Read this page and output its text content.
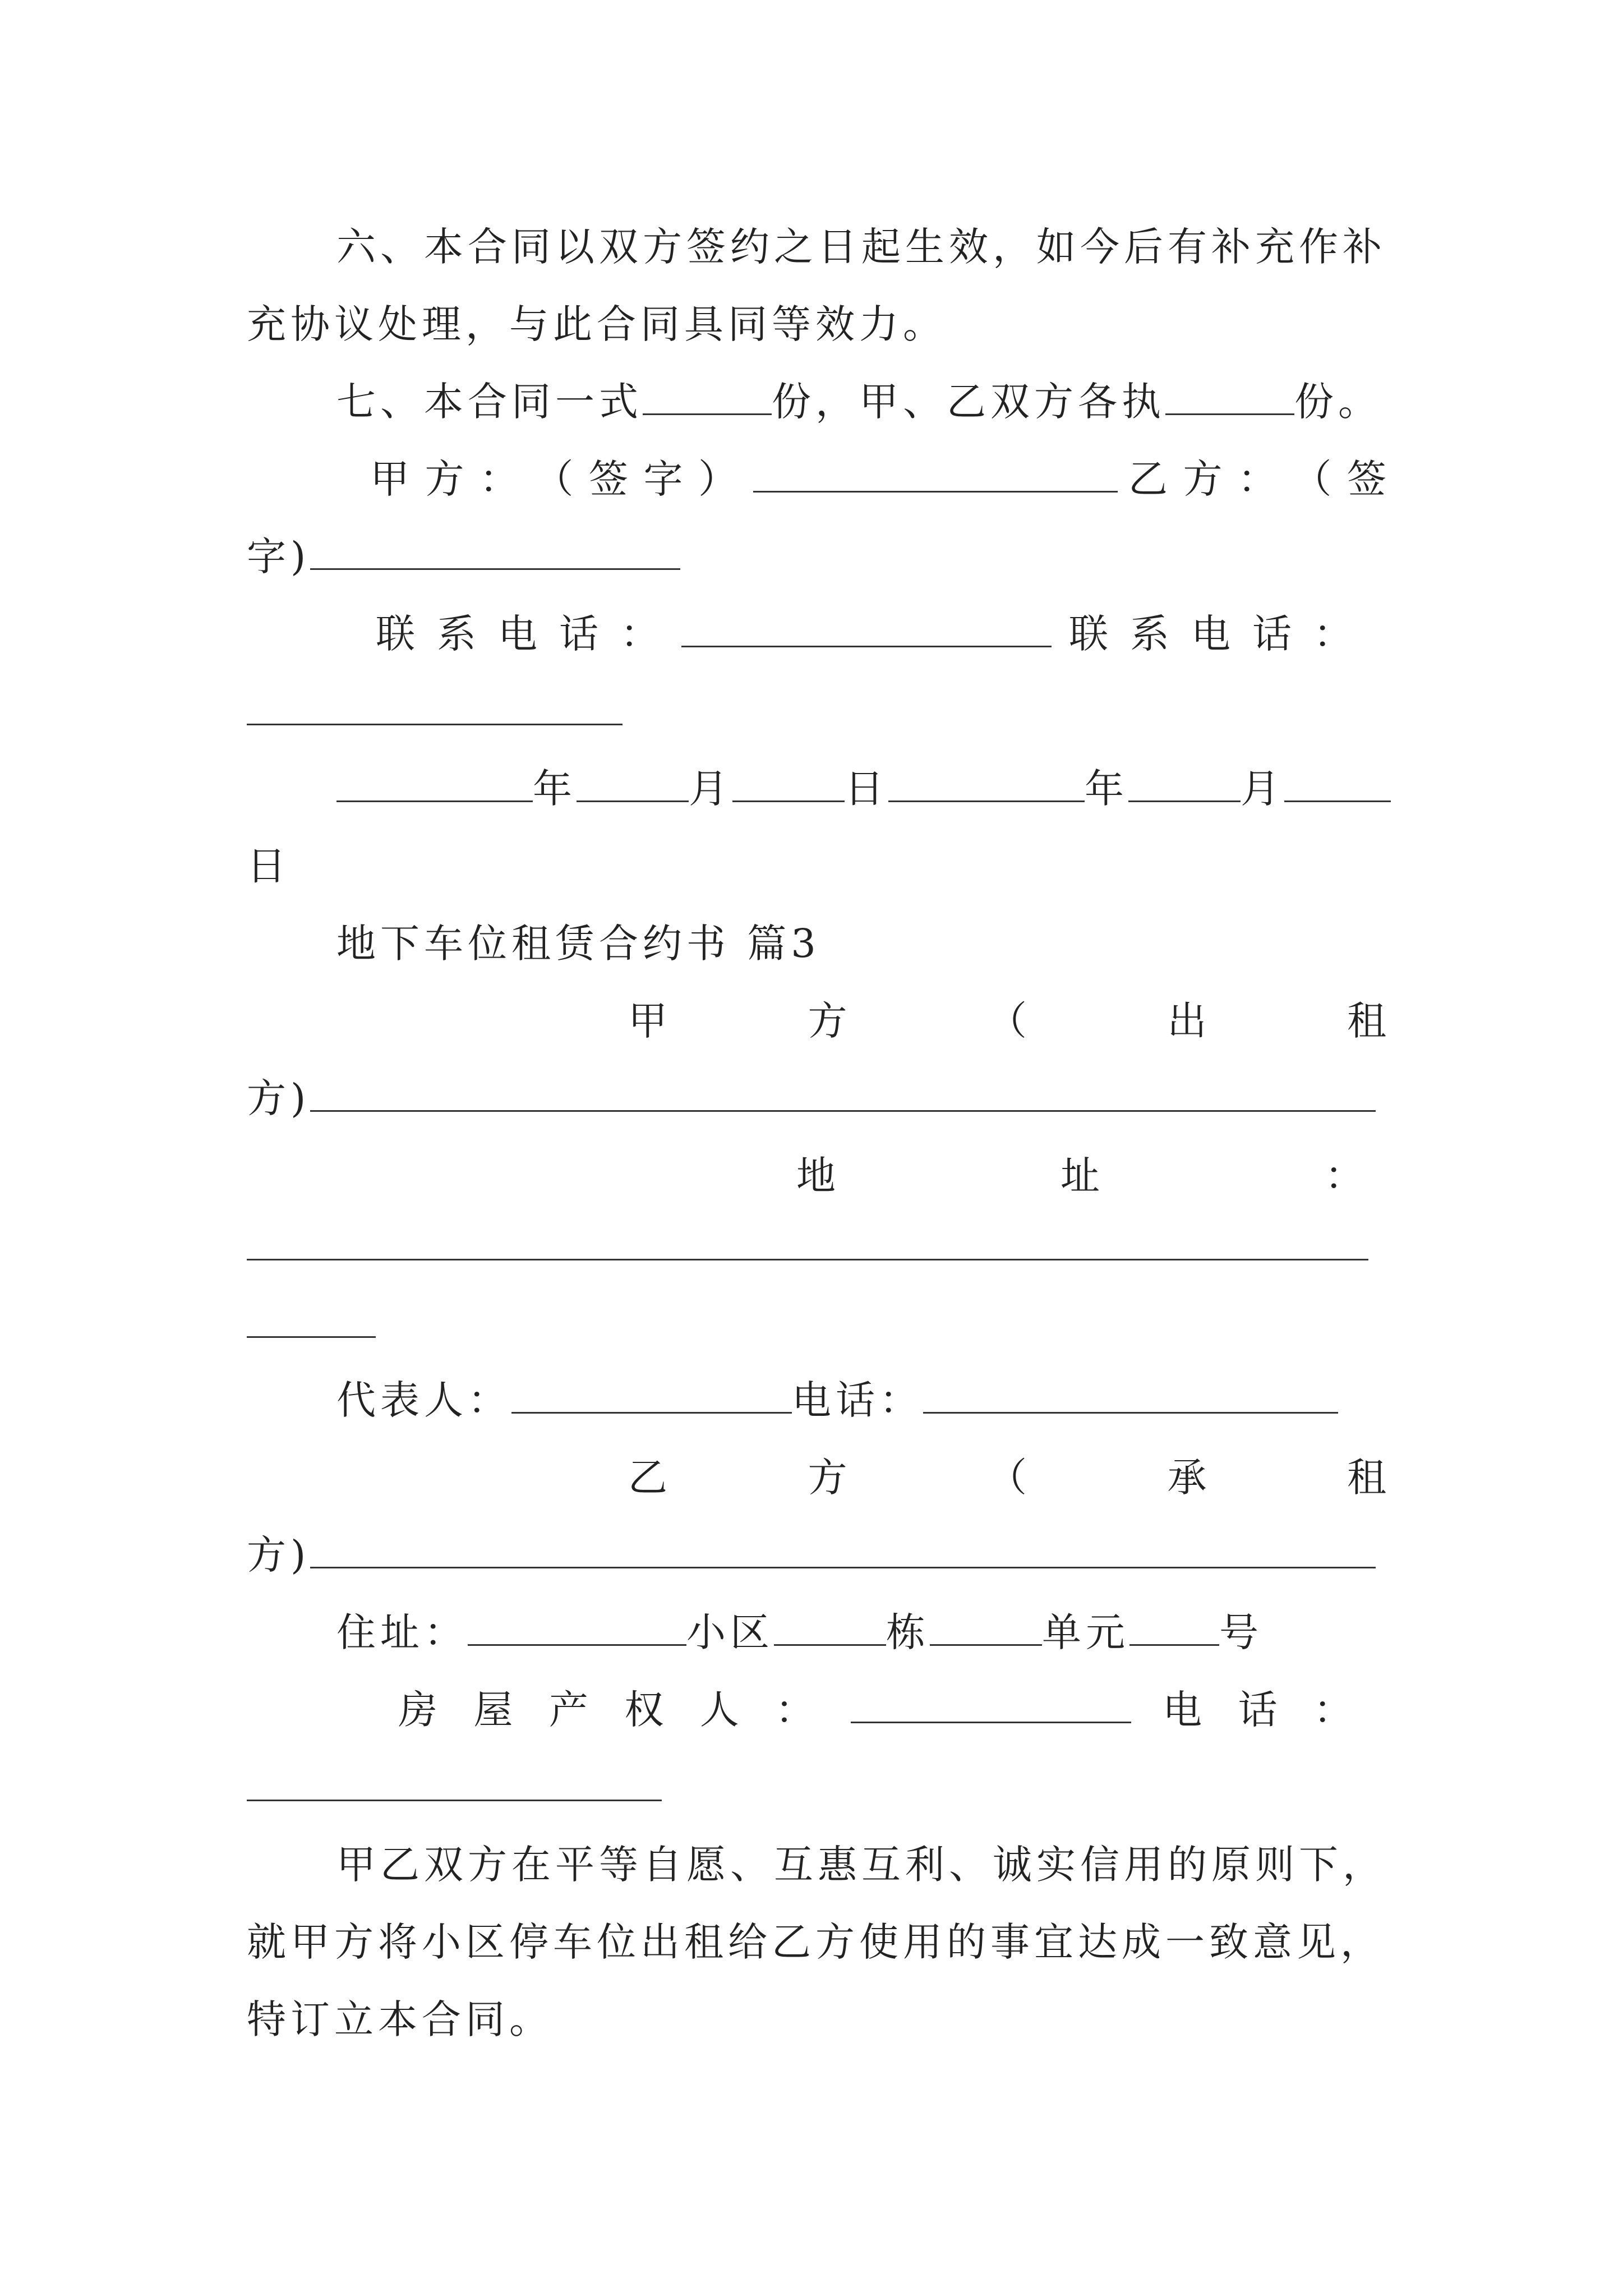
六、本合同以双方签约之日起生效，如今后有补充作补
充协议处理，与此合同具同等效力。
七、本合同一式	份，甲、乙双方各执	份。
甲 方 ： （ 签 字 ）	乙 方 ： （ 签
字)
联 系 电 话 ：	联 系 电 话 ：
年	月	日	年	月
日
地下车位租赁合约书 篇3
甲	方	（	出	租
方)
地	址	：
代表人：	电话：
乙	方	（	承	租
方)
住址：	小区	栋	单元 号
房 屋 产 权 人 ：	电 话 ：
甲乙双方在平等自愿、互惠互利、诚实信用的原则下，
就甲方将小区停车位出租给乙方使用的事宜达成一致意见，
特订立本合同。
